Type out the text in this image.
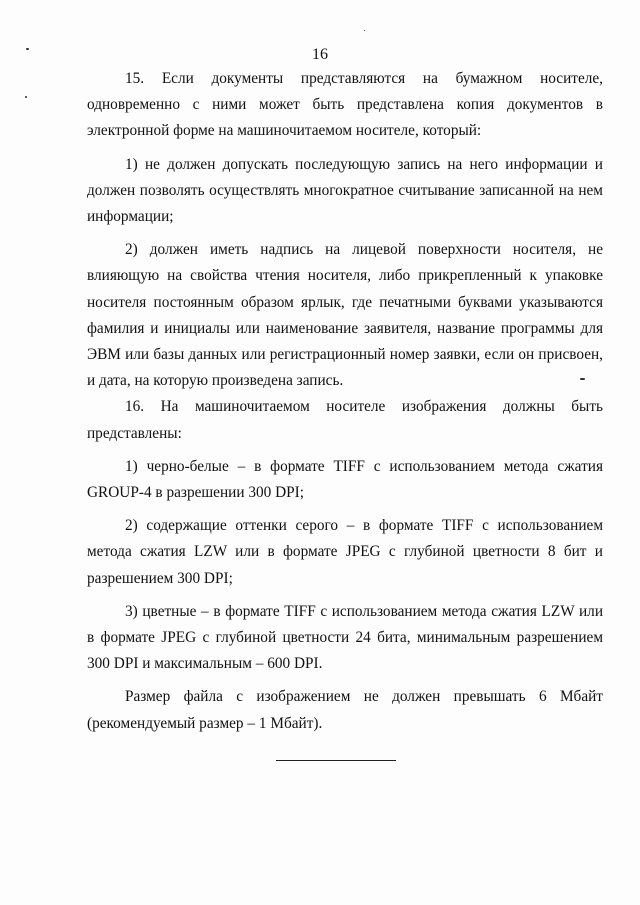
16

15. Если документы представляются на бумажном носителе, одновременно с ними может быть представлена копия документов в электронной форме на машиночитаемом носителе, который:

1) не должен допускать последующую запись на него информации и должен позволять осуществлять многократное считывание записанной на нем информации;

2) должен иметь надпись на лицевой поверхности носителя, не влияющую на свойства чтения носителя, либо прикрепленный к упаковке носителя постоянным образом ярлык, где печатными буквами указываются фамилия и инициалы или наименование заявителя, название программы для ЭВМ или базы данных или регистрационный номер заявки, если он присвоен, и дата, на которую произведена запись.

16. На машиночитаемом носителе изображения должны быть представлены:

1) черно-белые – в формате TIFF с использованием метода сжатия GROUP-4 в разрешении 300 DPI;

2) содержащие оттенки серого – в формате TIFF с использованием метода сжатия LZW или в формате JPEG с глубиной цветности 8 бит и разрешением 300 DPI;

3) цветные – в формате TIFF с использованием метода сжатия LZW или в формате JPEG с глубиной цветности 24 бита, минимальным разрешением 300 DPI и максимальным – 600 DPI.

Размер файла с изображением не должен превышать 6 Мбайт (рекомендуемый размер – 1 Мбайт).
